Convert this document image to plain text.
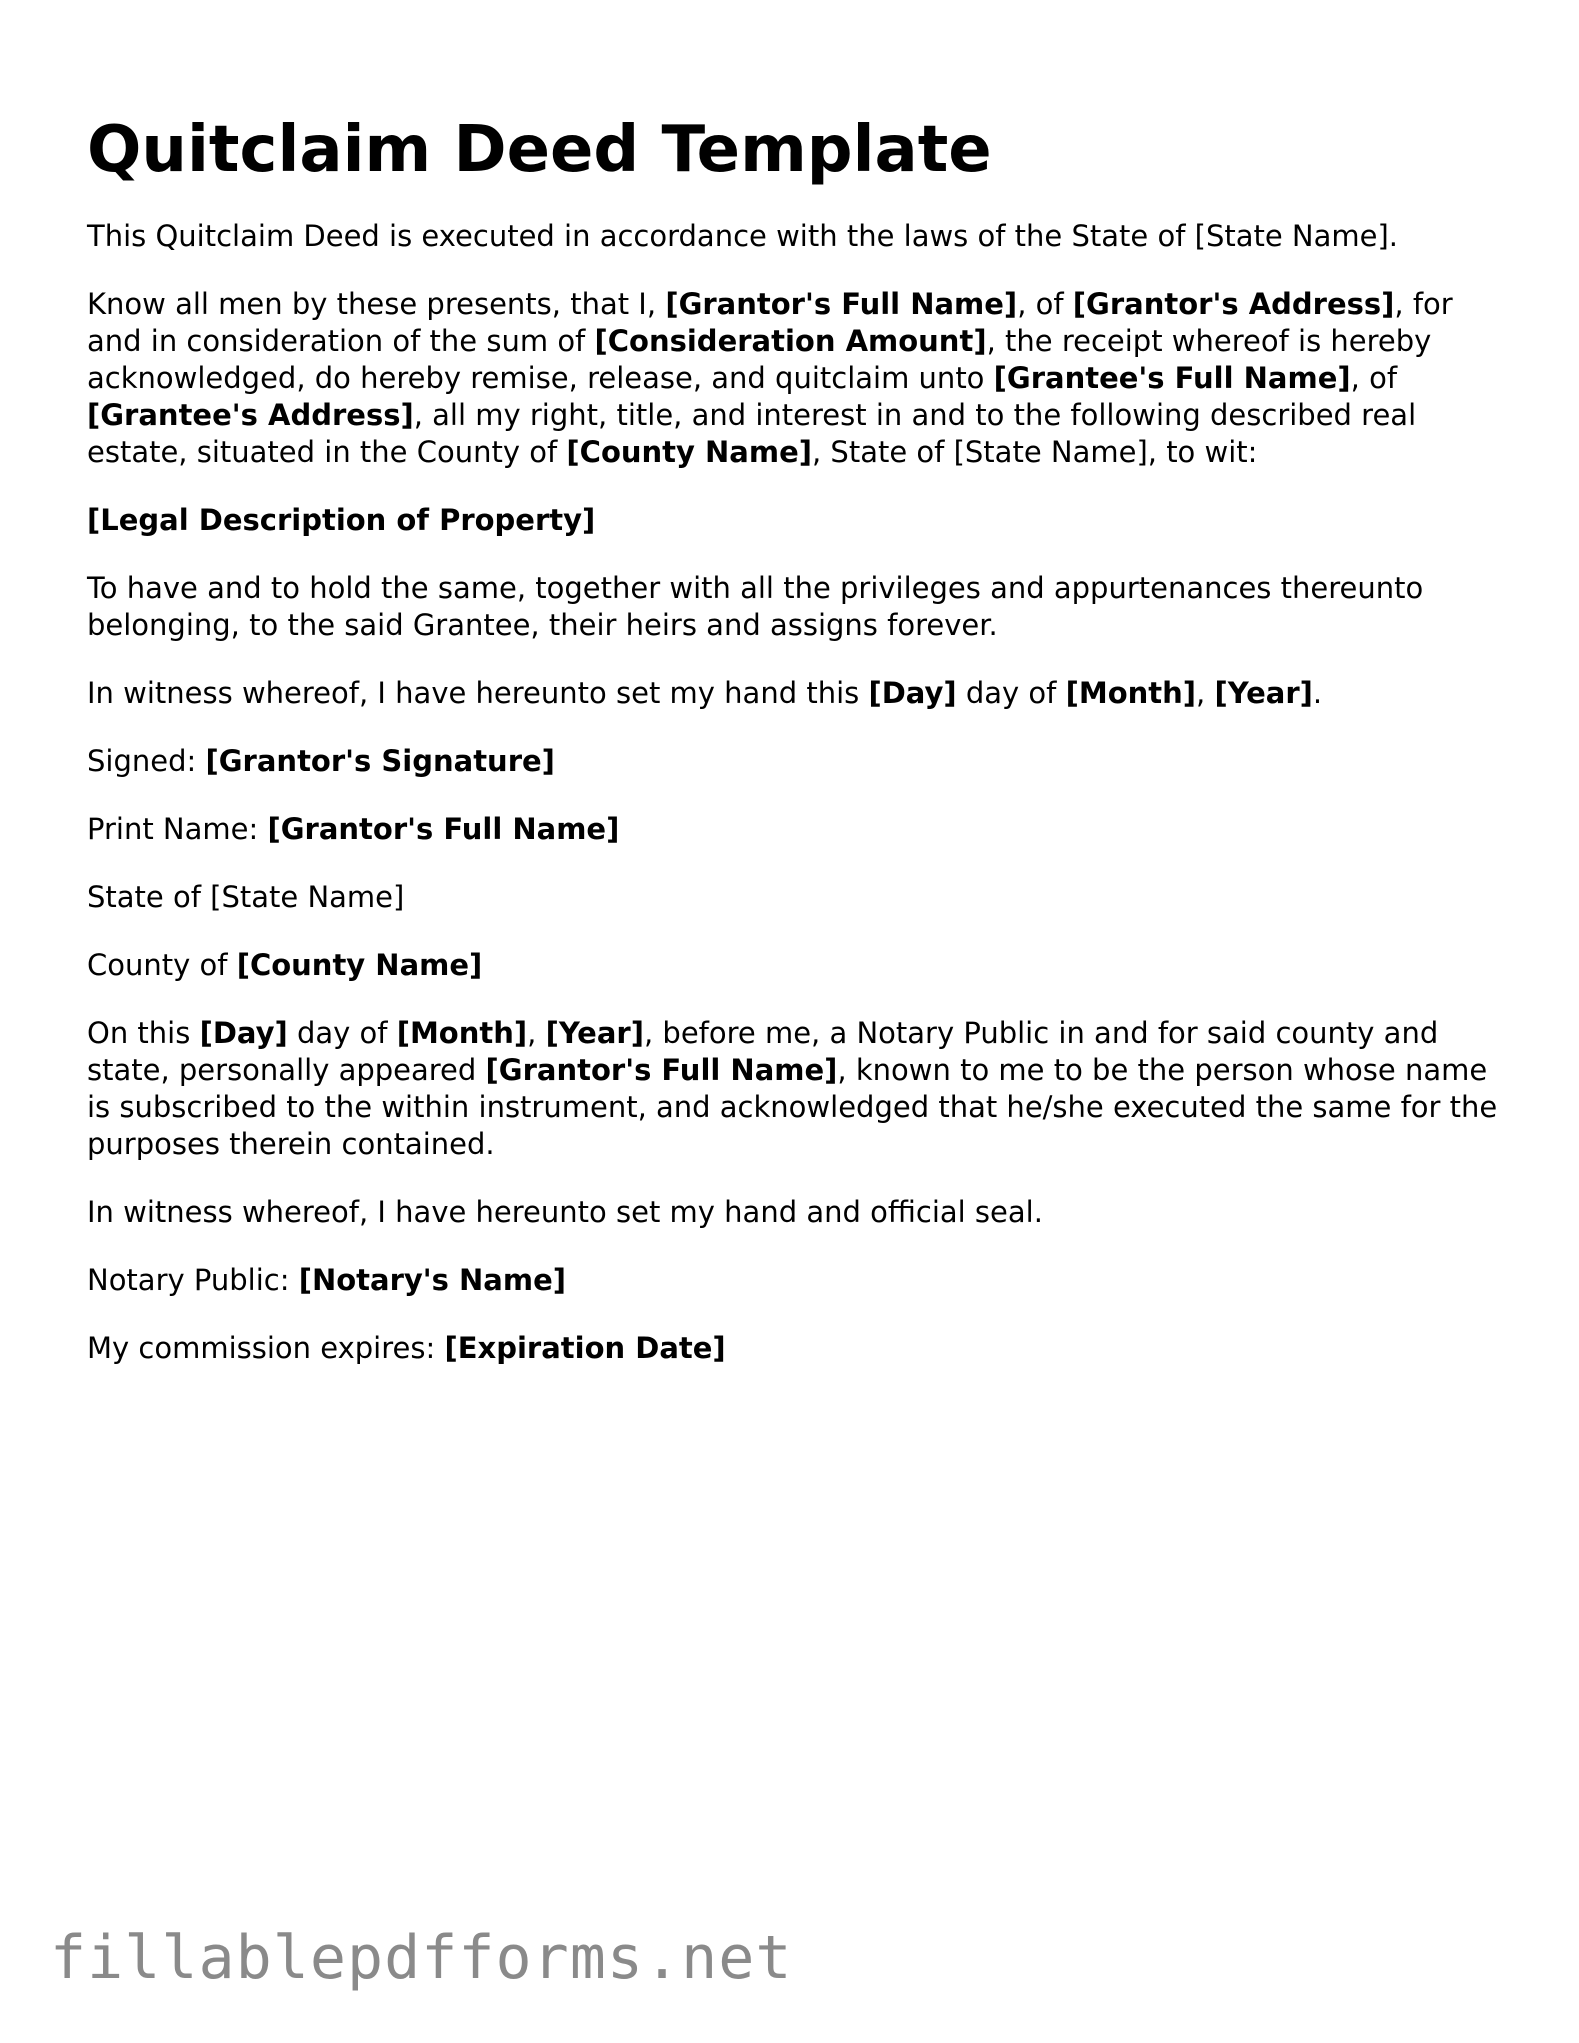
Quitclaim Deed Template

This Quitclaim Deed is executed in accordance with the laws of the State of [State Name].

Know all men by these presents, that I, [Grantor's Full Name], of [Grantor's Address], for and in consideration of the sum of [Consideration Amount], the receipt whereof is hereby acknowledged, do hereby remise, release, and quitclaim unto [Grantee's Full Name], of [Grantee's Address], all my right, title, and interest in and to the following described real estate, situated in the County of [County Name], State of [State Name], to wit:

[Legal Description of Property]

To have and to hold the same, together with all the privileges and appurtenances thereunto belonging, to the said Grantee, their heirs and assigns forever.

In witness whereof, I have hereunto set my hand this [Day] day of [Month], [Year].

Signed: [Grantor's Signature]

Print Name: [Grantor's Full Name]

State of [State Name]

County of [County Name]

On this [Day] day of [Month], [Year], before me, a Notary Public in and for said county and state, personally appeared [Grantor's Full Name], known to me to be the person whose name is subscribed to the within instrument, and acknowledged that he/she executed the same for the purposes therein contained.

In witness whereof, I have hereunto set my hand and official seal.

Notary Public: [Notary's Name]

My commission expires: [Expiration Date]

fillablepdfforms.net
